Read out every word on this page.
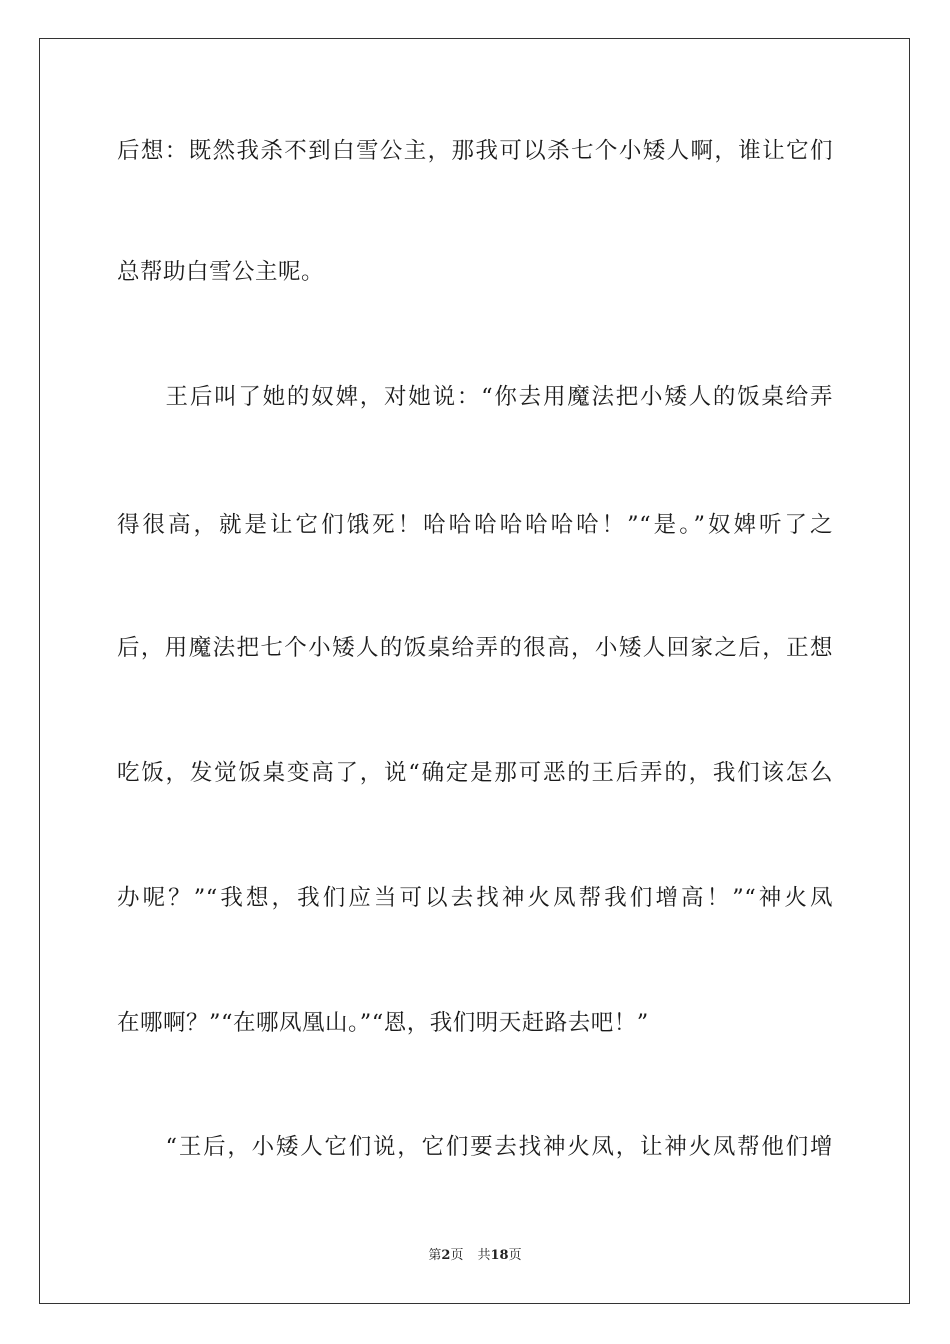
后想：既然我杀不到白雪公主，那我可以杀七个小矮人啊，谁让它们
总帮助白雪公主呢。
　　王后叫了她的奴婢，对她说：“你去用魔法把小矮人的饭桌给弄
得很高，就是让它们饿死！哈哈哈哈哈哈哈！”“是。”奴婢听了之
后，用魔法把七个小矮人的饭桌给弄的很高，小矮人回家之后，正想
吃饭，发觉饭桌变高了，说“确定是那可恶的王后弄的，我们该怎么
办呢？”“我想，我们应当可以去找神火凤帮我们增高！”“神火凤
在哪啊？”“在哪凤凰山。”“恩，我们明天赶路去吧！”
　　“王后，小矮人它们说，它们要去找神火凤，让神火凤帮他们增
第2页 共18页
